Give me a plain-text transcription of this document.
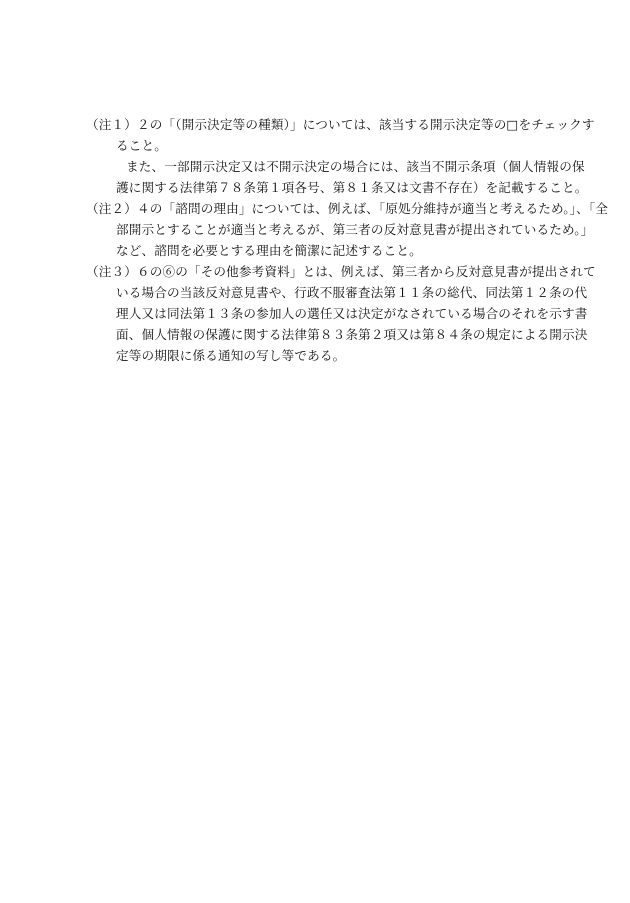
（注１）２の「（開示決定等の種類）」については、該当する開示決定等の□をチェックす
ること。
また、一部開示決定又は不開示決定の場合には、該当不開示条項（個人情報の保
護に関する法律第７８条第１項各号、第８１条又は文書不存在）を記載すること。
（注２）４の「諮問の理由」については、例えば、「原処分維持が適当と考えるため。」、「全
部開示とすることが適当と考えるが、第三者の反対意見書が提出されているため。」
など、諮問を必要とする理由を簡潔に記述すること。
（注３）６の⑥の「その他参考資料」とは、例えば、第三者から反対意見書が提出されて
いる場合の当該反対意見書や、行政不服審査法第１１条の総代、同法第１２条の代
理人又は同法第１３条の参加人の選任又は決定がなされている場合のそれを示す書
面、個人情報の保護に関する法律第８３条第２項又は第８４条の規定による開示決
定等の期限に係る通知の写し等である。
